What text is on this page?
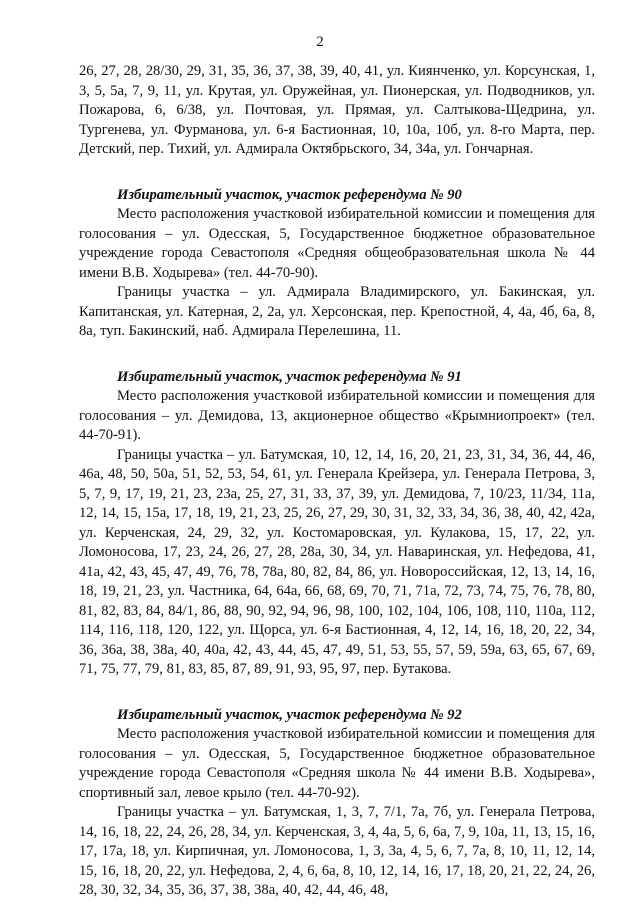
2

26, 27, 28, 28/30, 29, 31, 35, 36, 37, 38, 39, 40, 41, ул. Киянченко, ул. Корсунская, 1, 3, 5, 5а, 7, 9, 11, ул. Крутая, ул. Оружейная, ул. Пионерская, ул. Подводников, ул. Пожарова, 6, 6/38, ул. Почтовая, ул. Прямая, ул. Салтыкова-Щедрина, ул. Тургенева, ул. Фурманова, ул. 6-я Бастионная, 10, 10а, 10б, ул. 8-го Марта, пер. Детский, пер. Тихий, ул. Адмирала Октябрьского, 34, 34а, ул. Гончарная.

Избирательный участок, участок референдума № 90

Место расположения участковой избирательной комиссии и помещения для голосования – ул. Одесская, 5, Государственное бюджетное образовательное учреждение города Севастополя «Средняя общеобразовательная школа № 44 имени В.В. Ходырева» (тел. 44-70-90).

Границы участка – ул. Адмирала Владимирского, ул. Бакинская, ул. Капитанская, ул. Катерная, 2, 2а, ул. Херсонская, пер. Крепостной, 4, 4а, 4б, 6а, 8, 8а, туп. Бакинский, наб. Адмирала Перелешина, 11.

Избирательный участок, участок референдума № 91

Место расположения участковой избирательной комиссии и помещения для голосования – ул. Демидова, 13, акционерное общество «Крымниопроект» (тел. 44-70-91).

Границы участка – ул. Батумская, 10, 12, 14, 16, 20, 21, 23, 31, 34, 36, 44, 46, 46а, 48, 50, 50а, 51, 52, 53, 54, 61, ул. Генерала Крейзера, ул. Генерала Петрова, 3, 5, 7, 9, 17, 19, 21, 23, 23а, 25, 27, 31, 33, 37, 39, ул. Демидова, 7, 10/23, 11/34, 11а, 12, 14, 15, 15а, 17, 18, 19, 21, 23, 25, 26, 27, 29, 30, 31, 32, 33, 34, 36, 38, 40, 42, 42а, ул. Керченская, 24, 29, 32, ул. Костомаровская, ул. Кулакова, 15, 17, 22, ул. Ломоносова, 17, 23, 24, 26, 27, 28, 28а, 30, 34, ул. Наваринская, ул. Нефедова, 41, 41а, 42, 43, 45, 47, 49, 76, 78, 78а, 80, 82, 84, 86, ул. Новороссийская, 12, 13, 14, 16, 18, 19, 21, 23, ул. Частника, 64, 64а, 66, 68, 69, 70, 71, 71а, 72, 73, 74, 75, 76, 78, 80, 81, 82, 83, 84, 84/1, 86, 88, 90, 92, 94, 96, 98, 100, 102, 104, 106, 108, 110, 110а, 112, 114, 116, 118, 120, 122, ул. Щорса, ул. 6-я Бастионная, 4, 12, 14, 16, 18, 20, 22, 34, 36, 36а, 38, 38а, 40, 40а, 42, 43, 44, 45, 47, 49, 51, 53, 55, 57, 59, 59а, 63, 65, 67, 69, 71, 75, 77, 79, 81, 83, 85, 87, 89, 91, 93, 95, 97, пер. Бутакова.

Избирательный участок, участок референдума № 92

Место расположения участковой избирательной комиссии и помещения для голосования – ул. Одесская, 5, Государственное бюджетное образовательное учреждение города Севастополя «Средняя школа № 44 имени В.В. Ходырева», спортивный зал, левое крыло (тел. 44-70-92).

Границы участка – ул. Батумская, 1, 3, 7, 7/1, 7а, 7б, ул. Генерала Петрова, 14, 16, 18, 22, 24, 26, 28, 34, ул. Керченская, 3, 4, 4а, 5, 6, 6а, 7, 9, 10а, 11, 13, 15, 16, 17, 17а, 18, ул. Кирпичная, ул. Ломоносова, 1, 3, 3а, 4, 5, 6, 7, 7а, 8, 10, 11, 12, 14, 15, 16, 18, 20, 22, ул. Нефедова, 2, 4, 6, 6а, 8, 10, 12, 14, 16, 17, 18, 20, 21, 22, 24, 26, 28, 30, 32, 34, 35, 36, 37, 38, 38а, 40, 42, 44, 46, 48,
